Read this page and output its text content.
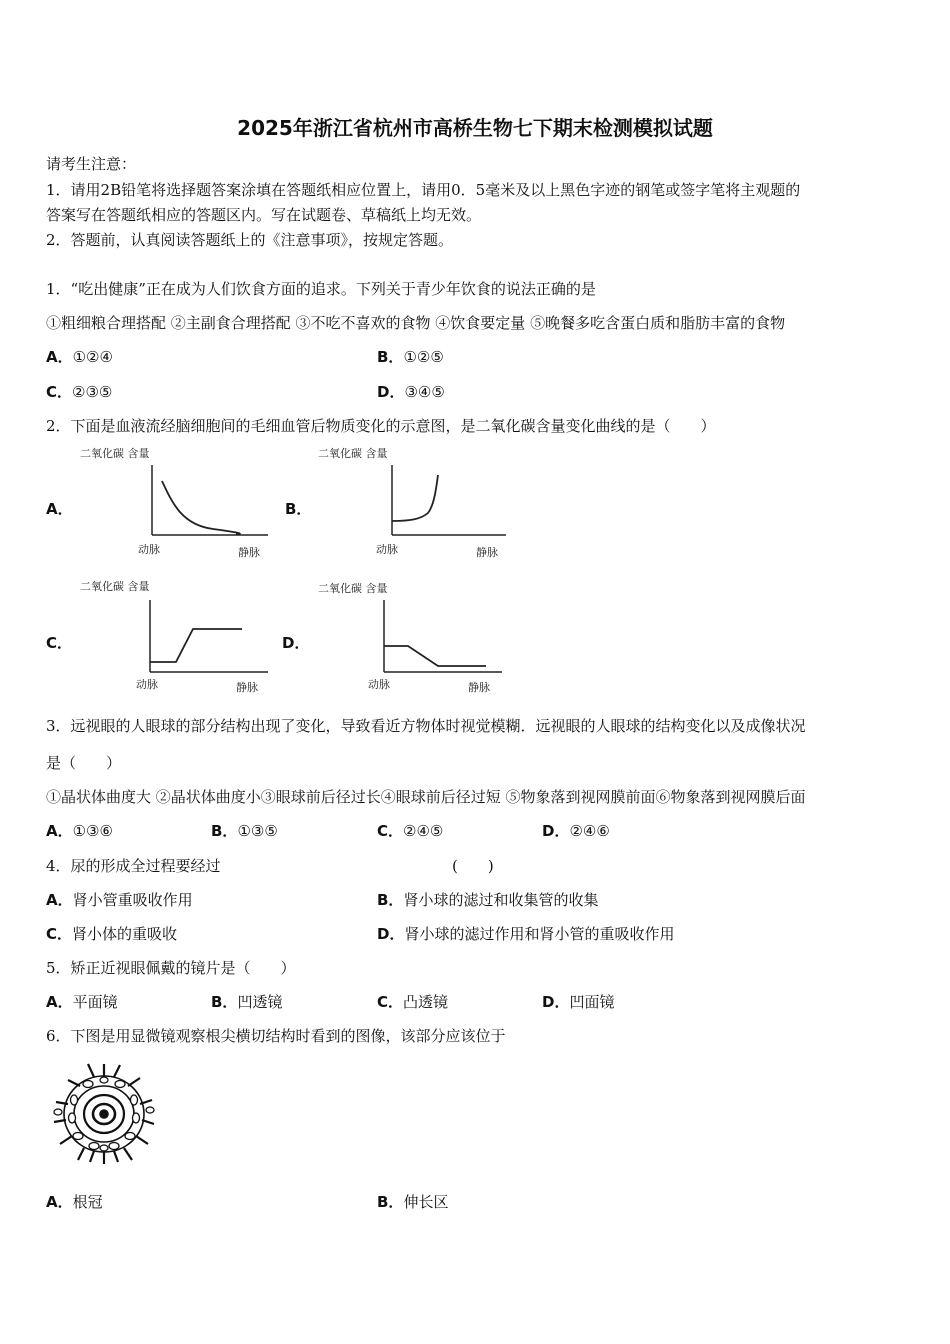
2025年浙江省杭州市高桥生物七下期末检测模拟试题
请考生注意：
1．请用2B铅笔将选择题答案涂填在答题纸相应位置上，请用0．5毫米及以上黑色字迹的钢笔或签字笔将主观题的
答案写在答题纸相应的答题区内。写在试题卷、草稿纸上均无效。
2．答题前，认真阅读答题纸上的《注意事项》，按规定答题。
1．“吃出健康”正在成为人们饮食方面的追求。下列关于青少年饮食的说法正确的是
①粗细粮合理搭配 ②主副食合理搭配 ③不吃不喜欢的食物 ④饮食要定量 ⑤晚餐多吃含蛋白质和脂肪丰富的食物
A．①②④	B．①②⑤
C．②③⑤	D．③④⑤
2．下面是血液流经脑细胞间的毛细血管后物质变化的示意图，是二氧化碳含量变化曲线的是（　　）
A．
二氧化碳 含量
动脉	静脉
B．
二氧化碳 含量
动脉	静脉
C．
二氧化碳 含量
动脉	静脉
D．
二氧化碳 含量
动脉	静脉
3．远视眼的人眼球的部分结构出现了变化，导致看近方物体时视觉模糊．远视眼的人眼球的结构变化以及成像状况
是（　　）
①晶状体曲度大 ②晶状体曲度小③眼球前后径过长④眼球前后径过短 ⑤物象落到视网膜前面⑥物象落到视网膜后面
A．①③⑥	B．①③⑤	C．②④⑤	D．②④⑥
4．尿的形成全过程要经过	(　　)
A．肾小管重吸收作用	B．肾小球的滤过和收集管的收集
C．肾小体的重吸收	D．肾小球的滤过作用和肾小管的重吸收作用
5．矫正近视眼佩戴的镜片是（　　）
A．平面镜	B．凹透镜	C．凸透镜	D．凹面镜
6．下图是用显微镜观察根尖横切结构时看到的图像，该部分应该位于
A．根冠	B．伸长区
